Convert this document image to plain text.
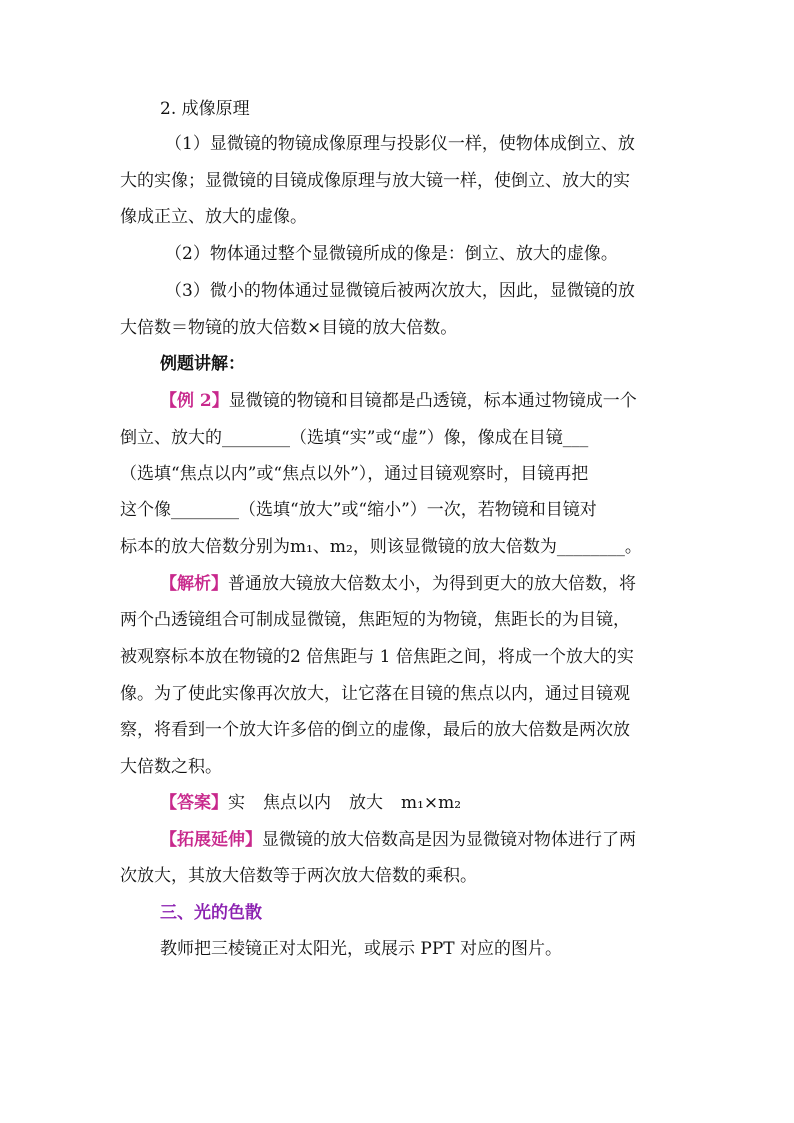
2. 成像原理
（1）显微镜的物镜成像原理与投影仪一样，使物体成倒立、放
大的实像；显微镜的目镜成像原理与放大镜一样，使倒立、放大的实
像成正立、放大的虚像。
（2）物体通过整个显微镜所成的像是：倒立、放大的虚像。
（3）微小的物体通过显微镜后被两次放大，因此，显微镜的放
大倍数＝物镜的放大倍数×目镜的放大倍数。
例题讲解：
【例 2】显微镜的物镜和目镜都是凸透镜，标本通过物镜成一个
倒立、放大的________（选填“实”或“虚”）像，像成在目镜___
（选填“焦点以内”或“焦点以外”），通过目镜观察时，目镜再把
这个像________（选填“放大”或“缩小”）一次，若物镜和目镜对
标本的放大倍数分别为m₁、m₂，则该显微镜的放大倍数为________。
【解析】普通放大镜放大倍数太小，为得到更大的放大倍数，将
两个凸透镜组合可制成显微镜，焦距短的为物镜，焦距长的为目镜，
被观察标本放在物镜的2 倍焦距与 1 倍焦距之间，将成一个放大的实
像。为了使此实像再次放大，让它落在目镜的焦点以内，通过目镜观
察，将看到一个放大许多倍的倒立的虚像，最后的放大倍数是两次放
大倍数之积。
【答案】实 焦点以内 放大 m₁×m₂
【拓展延伸】显微镜的放大倍数高是因为显微镜对物体进行了两
次放大，其放大倍数等于两次放大倍数的乘积。
三、光的色散
教师把三棱镜正对太阳光，或展示 PPT 对应的图片。
